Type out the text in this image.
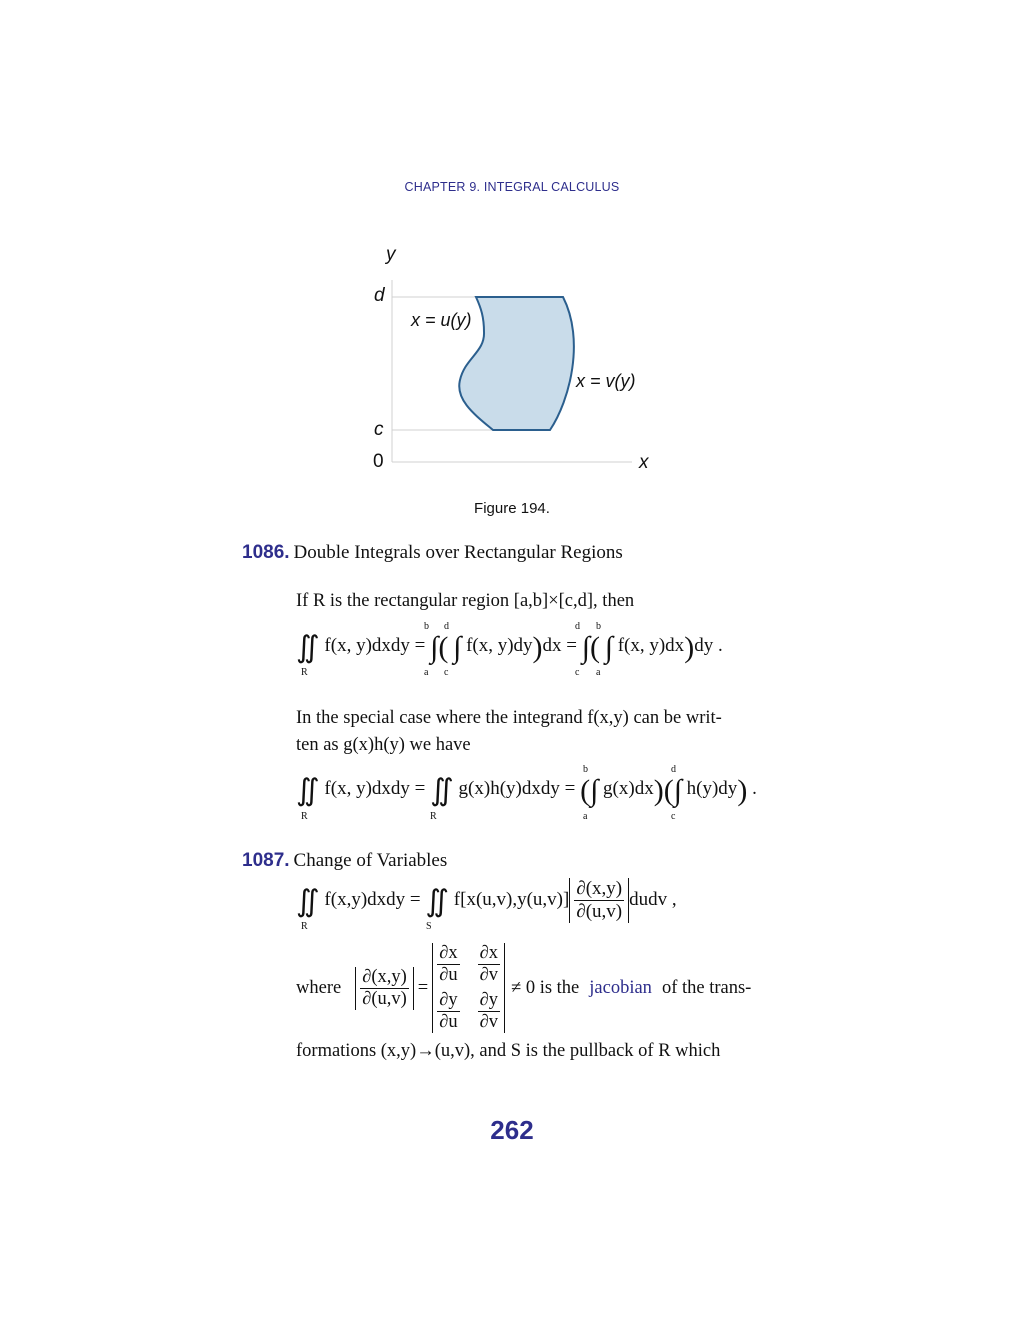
CHAPTER 9. INTEGRAL CALCULUS
y
d
c
0	x
x = u(y)
x = v(y)
Figure 194.
1086. Double Integrals over Rectangular Regions
If R is the rectangular region [a,b]×[c,d], then
∬ f(x, y)dxdy = ∫( ∫ f(x, y)dy)dx = ∫( ∫ f(x, y)dx)dy .
R
b
a
d
c
d
c
b
a
In the special case where the integrand f(x,y) can be writ-
ten as g(x)h(y) we have
∬ f(x, y)dxdy = ∬ g(x)h(y)dxdy = (∫ g(x)dx)(∫ h(y)dy) .
R	R
b
a
d
c
1087. Change of Variables
∬ f(x,y)dxdy = ∬ $f[x(u,v),y(u,v)] \frac{\partial(x,y)}{\partial(u,v)}$ dudv ,
R	S
where $\frac{\partial(x,y)}{\partial(u,v)}$ =
$\frac{\partial x}{\partial u} \frac{\partial x}{\partial v}$
$\frac{\partial y}{\partial u} \frac{\partial y}{\partial v}$
≠ 0 is the jacobian of the trans-
formations (x,y)→(u,v), and S is the pullback of R which
262
